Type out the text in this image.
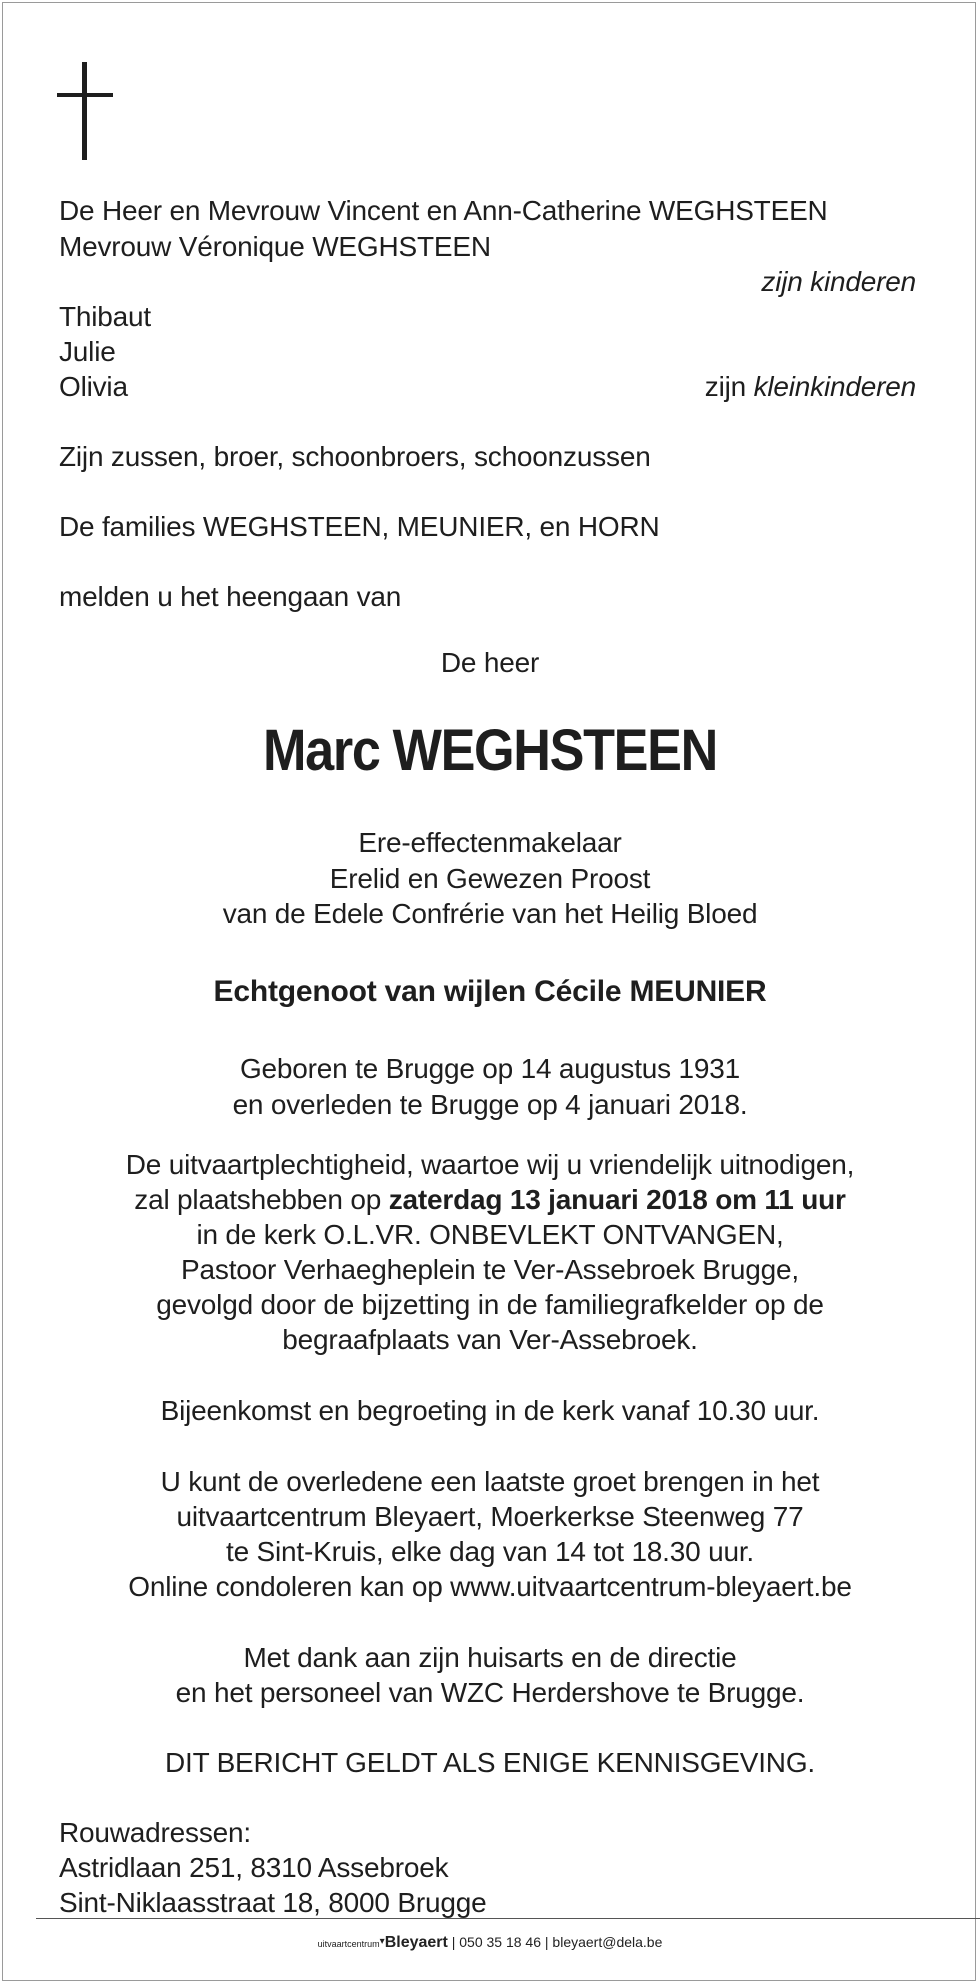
De Heer en Mevrouw Vincent en Ann-Catherine WEGHSTEEN
Mevrouw Véronique WEGHSTEEN
zijn kinderen
Thibaut
Julie
Olivia	zijn kleinkinderen
Zijn zussen, broer, schoonbroers, schoonzussen
De families WEGHSTEEN, MEUNIER, en HORN
melden u het heengaan van
De heer
Marc WEGHSTEEN
Ere-effectenmakelaar
Erelid en Gewezen Proost
van de Edele Confrérie van het Heilig Bloed
Echtgenoot van wijlen Cécile MEUNIER
Geboren te Brugge op 14 augustus 1931
en overleden te Brugge op 4 januari 2018.
De uitvaartplechtigheid, waartoe wij u vriendelijk uitnodigen,
zal plaatshebben op zaterdag 13 januari 2018 om 11 uur
in de kerk O.L.VR. ONBEVLEKT ONTVANGEN,
Pastoor Verhaegheplein te Ver-Assebroek Brugge,
gevolgd door de bijzetting in de familiegrafkelder op de
begraafplaats van Ver-Assebroek.
Bijeenkomst en begroeting in de kerk vanaf 10.30 uur.
U kunt de overledene een laatste groet brengen in het
uitvaartcentrum Bleyaert, Moerkerkse Steenweg 77
te Sint-Kruis, elke dag van 14 tot 18.30 uur.
Online condoleren kan op www.uitvaartcentrum-bleyaert.be
Met dank aan zijn huisarts en de directie
en het personeel van WZC Herdershove te Brugge.
DIT BERICHT GELDT ALS ENIGE KENNISGEVING.
Rouwadressen:
Astridlaan 251, 8310 Assebroek
Sint-Niklaasstraat 18, 8000 Brugge
uitvaartcentrum▾Bleyaert | 050 35 18 46 | bleyaert@dela.be
